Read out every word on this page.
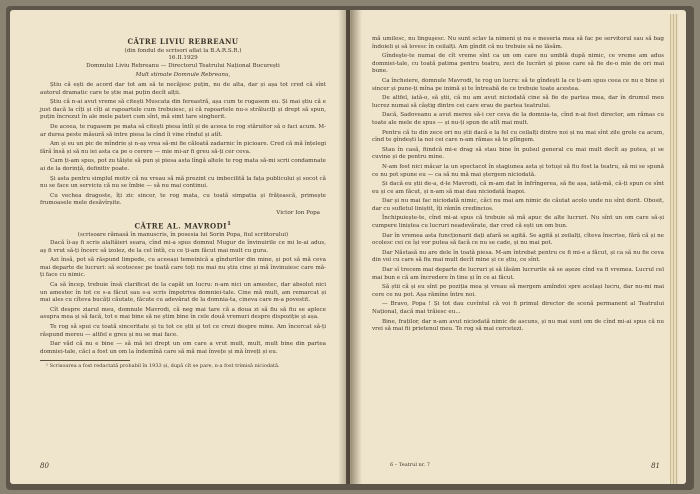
CĂTRE LIVIU REBREANU
(din fondul de scrisori aflat la B.A.R.S.R.)
16.II.1929

Domnului Liviu Rebreanu — Directorul Teatrului Național București

Mult stimate Domnule Rebreanu,

Știu că ești de acord dar tot am să te necăjesc puțin, nu de alta, dar și așa tot cred că sînt autorul dramatic care te știe mai puțin decît alții.

Știu că n-ai avut vreme să citești Muscata din fereastră, așa cum te rugasem eu. Și mai știu că e just dacă la cîți și cîți ai rapoartele cum trebuiesc, și că rapoartele nu-s străluciți și drept să spun, puțin încrezut în ale mele pateri cum sînt, mă simt tare singherit.

De aceea, te rugasem pe mata să citești piesa întîi și de aceea te rog stăruitor să o faci acum. M-ar durea peste măsură să intre piesa la cînd îi vine rîndul și atît.

Am și eu un pic de mîndrie și n-aș vrea să-mi fie căloată zadarnic în picioare. Cred că mă înțelegi fără însă și să nu iei asta ca pe o cerere — mie mi-ar fi greu să-ți cer ceva.

Cam ți-am spus, pot zu tăiște să pun și piesa asta lîngă altele te rog mata să-mi scrii condamnate ai de la dorință, definitiv poate.

Și asta pentru simplul motiv că nu vreau să mă prezint cu imbecilită la fața publicului și socot că nu se face un serviciu că nu se îmbie — să nu mai continui.

Cu vechea dragoste, îți zic sincer, te rog mata, cu toată simpatia și frățească, primește frumoasele mele desăvîrșite.

Victor Ion Popa

CĂTRE AL. MAVRODI$^1$
(scrisoare rămasă în manuscris, în posesia lui Sorin Popa, fiul scriitorului)

Dacă îi-aș fi scris alaltăieri seara, cînd mi-a spus domnul Mugur de învinuirile ce mi le-ai adus, aș fi vrut să-ți încerc să izolez, de la cel întîi, cu ce ți-am făcut mai mult cu gura.

Azi însă, pot să răspund limpede, cu aceeași temeinică a gîndurilor din mine, și pot să mă ceva mai departe de lucruri: să scotocesc pe toată care toți nu mai nu știu cine și mă învinuiesc care mă-ți face cu nimic.

Ca să încep, trebuie însă clarificat de la capăt un lucru: n-am nici un amestec, dar absolut nici un amestec în tot ce s-a făcut sau s-a scris împotriva domniei-tale. Cine mă mult, am remarcat și mai ales cu cîteva bucăți căutate, făcute cu adevărat de la domnia-ta, cineva care m-a povestit.

Cît despre ziarul meu, domnule Mavrodi, că neg mai tare că a doua zi să fiu să fiu se aplece asupra mea și să facă, tot e mai bine să ne știm bine în cele două vremuri despre dispoziție și așa.

Te rog să spui cu toată sinceritate și tu tot ce știi și tot ce crezi despre mine. Am încercat să-ți răspund mereu — altfel e greu și nu se mai face.

Dar văd că nu e bine — să mă iei drept un om care a vrut mult, mult, mult bine din partea domniei-tale, căci a fost un om la îndemînă care să mă mai învețe și mă înveți și eu.

¹ Scrisoarea a fost redactată probabil în 1933 și, după cît se pare, n-a fost trimisă niciodată.

80

mă umilesc, nu linguşesc. Nu sunt sclav la nimeni și nu e meseria mea să fac pe servitorul sau să bag îndoieli și să lovesc în ceilalți. Am gîndit că nu trebuie să ne lăsăm.

Gîndeşte-te numai de cît vreme sînt ca un om care nu umblă după nimic, ce vreme am adus domniei-tale, cu toată patima pentru teatru, zeci de lucrări și piese care să fie de-o mie de ori mai bune.

Ca încheiere, domnule Mavrodi, te rog un lucru: să te gîndești la ce ți-am spus ceea ce nu e bine și sincer și pune-ți mîna pe inimă și te întreabă de ce trebuie toate acestea.

De altfel, iată-o, să știi, că nu am avut niciodată cine să fie de partea mea, dar în drumul meu lucrez numai să câștig dintre cei care erau de partea teatrului.

Dacă, Sadoveanu a avut mereu să-i cer ceva de la domnia-ta, cînd n-ai fost director, am rămas cu toate ale mele de spus — și nu-ți spun de atît mai mult.

Pentru că tu din zece ori nu știi dacă e la fel cu ceilalți dintre noi și nu mai sînt zile grele ca acum, cînd te gîndești la noi cei care n-am rămas să te plîngem.

Stau în casă, fiindcă mi-e drag să stau bine în pulsul general cu mai mult decît aș putea, și se cuvine și de pentru mine.

N-am fost nici măcar la un spectacol în stagiunea asta și totuși să fiu fost la teatru, să mi se spună ce nu pot spune eu — ca să nu mă mai ștergem niciodată.

Și dacă eu știi de-a, d-le Mavrodi, că m-am dat în înfrîngerea, să fie așa, iată-mă, că-ți spun ce sînt eu și ce am făcut, și n-am să mai dau niciodată înapoi.

Dar și nu mai fac niciodată nimic, căci nu mai am nimic de căutat acolo unde nu sînt dorit. Obosit, dar cu sufletul liniștit, îți rămîn credincios.

Închipuiește-te, cînd mi-ai spus că trebuie să mă apuc de alte lucruri. Nu sînt un om care să-și cumpere liniștea cu lucruri neadevărate, dar cred că ești un om bun.

Dar în vremea asta funcționarii dați afară se agită. Se agită și zeilalți, cîteva înscrise, fără că și ne ocolesc cei ce își vor putea să facă ce nu se cade, și nu mai pot.

Dar Năstasă nu are dele în toată piesa. M-am întrebat pentru ce fi mi-e a făcut, și ca să nu fie ceva din voi cu care să fiu mai mult decît mine și ce știu, ce sînt.

Dar sî trecem mai departe de lucruri și să lăsăm lucrurile să se așeze cînd va fi vremea. Lucrul cel mai bun e că am încredere în tine și în ce ai făcut.

Să știi că și eu sînt pe poziția mea și vreau să mergem amîndoi spre același lucru, dar nu-mi mai cere ce nu pot. Așa rămîne între noi.

— Bravo, Popa ! Și tot dau cuvîntul că voi fi primul director de scenă permanent al Teatrului Național, dacă mai trăiesc eu...

Bine, fraților, dar n-am avut niciodată nimic de ascuns, și nu mai sunt om de cînd mi-ai spus că nu vrei să mai fii prietenul meu. Te rog să mai cercetezi.

6 – Teatrul nr. 7	81
